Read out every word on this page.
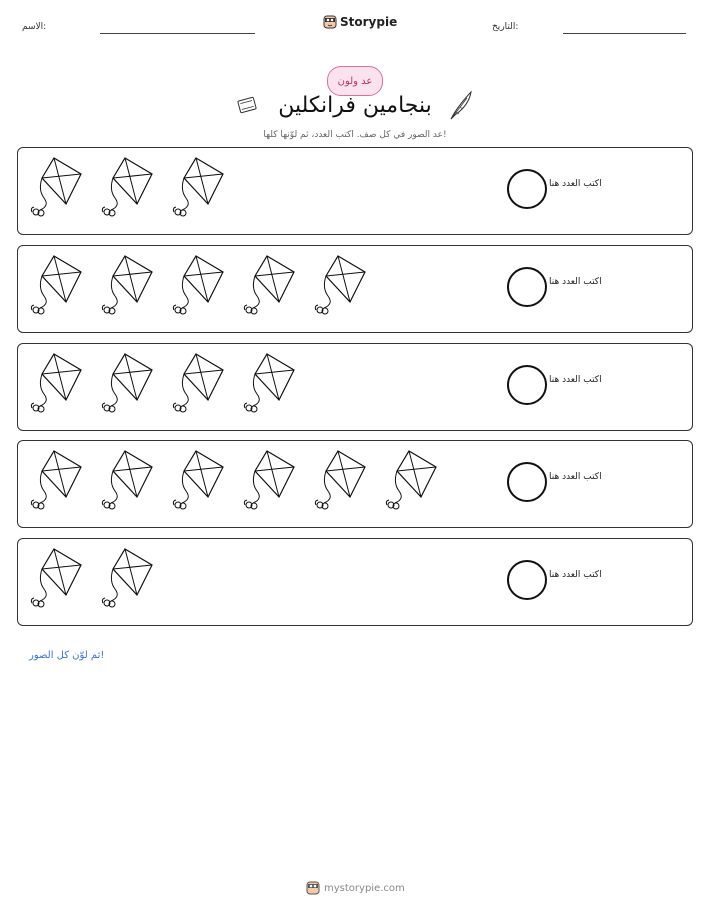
الاسم:	Storypie	التاريخ:
عد ولون
بنجامين فرانكلين
عد الصور في كل صف. اكتب العدد، ثم لوّنها كلها!
اكتب العدد هنا
اكتب العدد هنا
اكتب العدد هنا
اكتب العدد هنا
اكتب العدد هنا
ثم لوّن كل الصور!
mystorypie.com
